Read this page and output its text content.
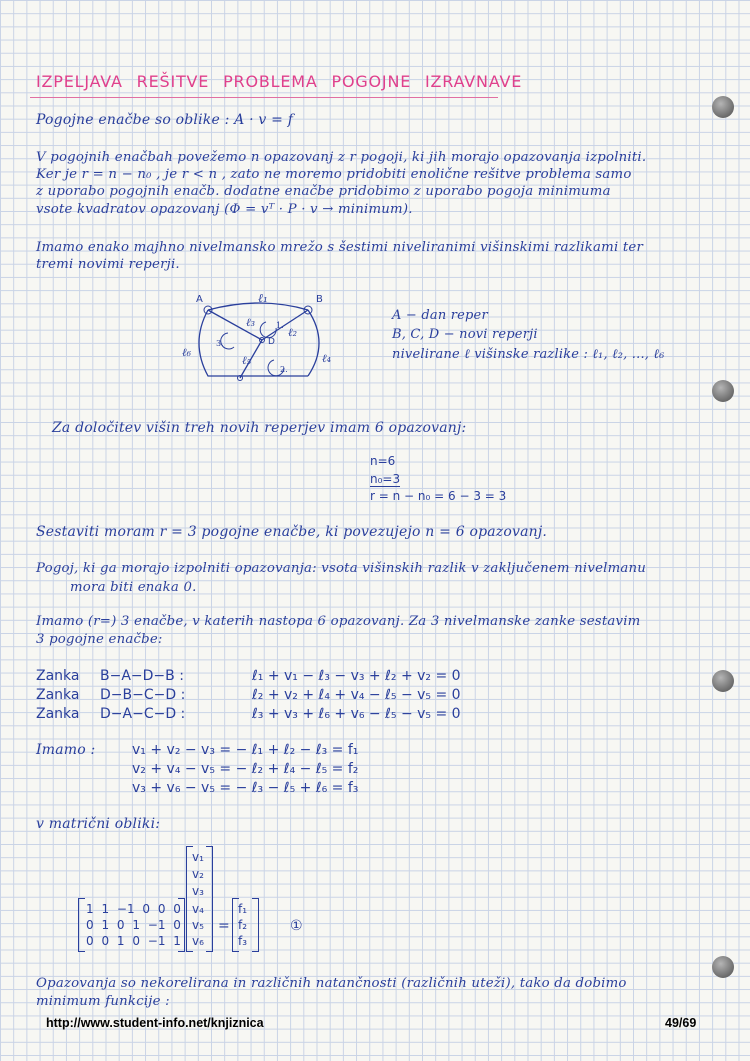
IZPELJAVA REŠITVE PROBLEMA POGOJNE IZRAVNAVE
Pogojne enačbe so oblike : A · v = f
V pogojnih enačbah povežemo n opazovanj z r pogoji, ki jih morajo opazovanja izpolniti.
Ker je r = n − n₀ , je r < n , zato ne moremo pridobiti enolične rešitve problema samo
z uporabo pogojnih enačb. dodatne enačbe pridobimo z uporabo pogoja minimuma
vsote kvadratov opazovanj (Φ = vᵀ · P · v → minimum).
Imamo enako majhno nivelmansko mrežo s šestimi niveliranimi višinskimi razlikami ter
tremi novimi reperji.
A	B
D
ℓ₁
ℓ₂
ℓ₃
ℓ₄
ℓ₅
ℓ₆
1.
3.
2.
A − dan reper
B, C, D − novi reperji
nivelirane ℓ višinske razlike : ℓ₁, ℓ₂, ..., ℓ₆
Za določitev višin treh novih reperjev imam 6 opazovanj:
n=6
n₀=3
r = n − n₀ = 6 − 3 = 3
Sestaviti moram r = 3 pogojne enačbe, ki povezujejo n = 6 opazovanj.
Pogoj, ki ga morajo izpolniti opazovanja: vsota višinskih razlik v zaključenem nivelmanu
mora biti enaka 0.
Imamo (r=) 3 enačbe, v katerih nastopa 6 opazovanj. Za 3 nivelmanske zanke sestavim
3 pogojne enačbe:
Zanka B−A−D−B :	ℓ₁ + v₁ − ℓ₃ − v₃ + ℓ₂ + v₂ = 0
Zanka D−B−C−D :	ℓ₂ + v₂ + ℓ₄ + v₄ − ℓ₅ − v₅ = 0
Zanka D−A−C−D :	ℓ₃ + v₃ + ℓ₆ + v₆ − ℓ₅ − v₅ = 0
Imamo :	v₁ + v₂ − v₃ = − ℓ₁ + ℓ₂ − ℓ₃ = f₁
v₂ + v₄ − v₅ = − ℓ₂ + ℓ₄ − ℓ₅ = f₂
v₃ + v₆ − v₅ = − ℓ₃ − ℓ₅ + ℓ₆ = f₃
v matrični obliki:
1 1 −1 0 0 0
0 1 0 1 −1 0
0 0 1 0 −1 1
v₁
v₂
v₃
v₄
v₅
v₆
=
f₁
f₂
f₃
①
Opazovanja so nekorelirana in različnih natančnosti (različnih uteži), tako da dobimo
minimum funkcije :
http://www.student-info.net/knjiznica	49/69
